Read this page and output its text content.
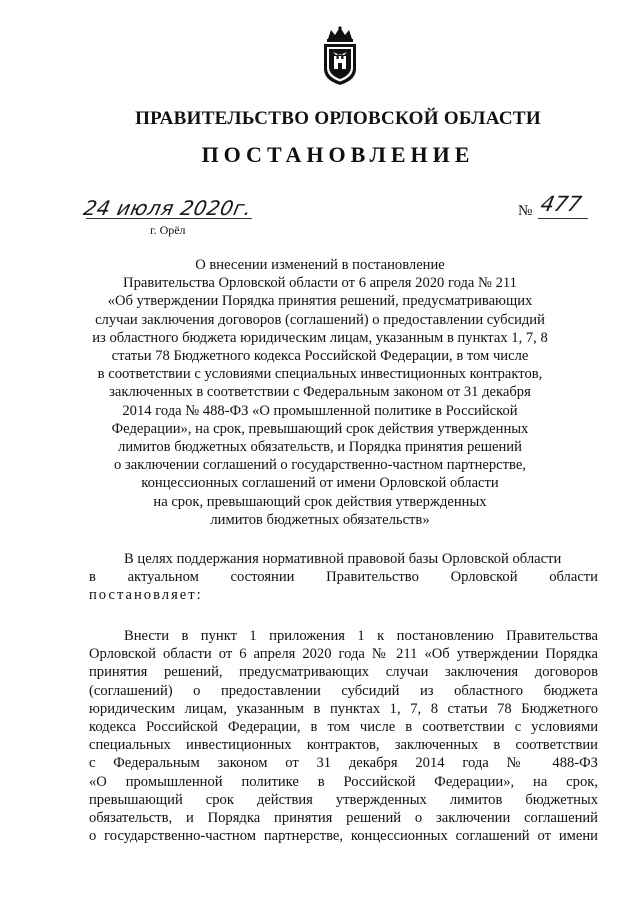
ПРАВИТЕЛЬСТВО ОРЛОВСКОЙ ОБЛАСТИ
ПОСТАНОВЛЕНИЕ
24 июля 2020г.
г. Орёл
№ 477
О внесении изменений в постановление
Правительства Орловской области от 6 апреля 2020 года № 211
«Об утверждении Порядка принятия решений, предусматривающих
случаи заключения договоров (соглашений) о предоставлении субсидий
из областного бюджета юридическим лицам, указанным в пунктах 1, 7, 8
статьи 78 Бюджетного кодекса Российской Федерации, в том числе
в соответствии с условиями специальных инвестиционных контрактов,
заключенных в соответствии с Федеральным законом от 31 декабря
2014 года № 488-ФЗ «О промышленной политике в Российской
Федерации», на срок, превышающий срок действия утвержденных
лимитов бюджетных обязательств, и Порядка принятия решений
о заключении соглашений о государственно-частном партнерстве,
концессионных соглашений от имени Орловской области
на срок, превышающий срок действия утвержденных
лимитов бюджетных обязательств»
В целях поддержания нормативной правовой базы Орловской области
в актуальном состоянии Правительство Орловской области
постановляет:
Внести в пункт 1 приложения 1 к постановлению Правительства
Орловской области от 6 апреля 2020 года № 211 «Об утверждении Порядка
принятия решений, предусматривающих случаи заключения договоров
(соглашений) о предоставлении субсидий из областного бюджета
юридическим лицам, указанным в пунктах 1, 7, 8 статьи 78 Бюджетного
кодекса Российской Федерации, в том числе в соответствии с условиями
специальных инвестиционных контрактов, заключенных в соответствии
с Федеральным законом от 31 декабря 2014 года № 488-ФЗ
«О промышленной политике в Российской Федерации», на срок,
превышающий срок действия утвержденных лимитов бюджетных
обязательств, и Порядка принятия решений о заключении соглашений
о государственно-частном партнерстве, концессионных соглашений от имени
